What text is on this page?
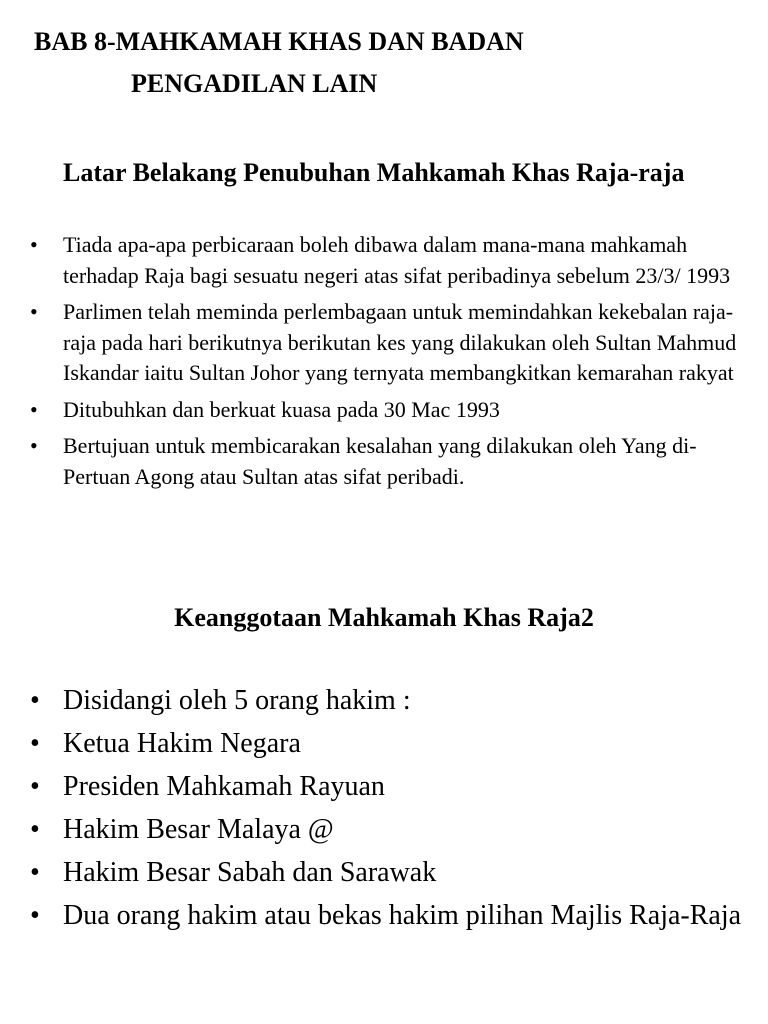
BAB 8-MAHKAMAH KHAS DAN BADAN
PENGADILAN LAIN
Latar Belakang Penubuhan Mahkamah Khas Raja-raja
• Tiada apa-apa perbicaraan boleh dibawa dalam mana-mana mahkamah terhadap Raja bagi sesuatu negeri atas sifat peribadinya sebelum 23/3/ 1993
• Parlimen telah meminda perlembagaan untuk memindahkan kekebalan raja-raja pada hari berikutnya berikutan kes yang dilakukan oleh Sultan Mahmud Iskandar iaitu Sultan Johor yang ternyata membangkitkan kemarahan rakyat
• Ditubuhkan dan berkuat kuasa pada 30 Mac 1993
• Bertujuan untuk membicarakan kesalahan yang dilakukan oleh Yang di-Pertuan Agong atau Sultan atas sifat peribadi.
Keanggotaan Mahkamah Khas Raja2
• Disidangi oleh 5 orang hakim :
• Ketua Hakim Negara
• Presiden Mahkamah Rayuan
• Hakim Besar Malaya @
• Hakim Besar Sabah dan Sarawak
• Dua orang hakim atau bekas hakim pilihan Majlis Raja-Raja
